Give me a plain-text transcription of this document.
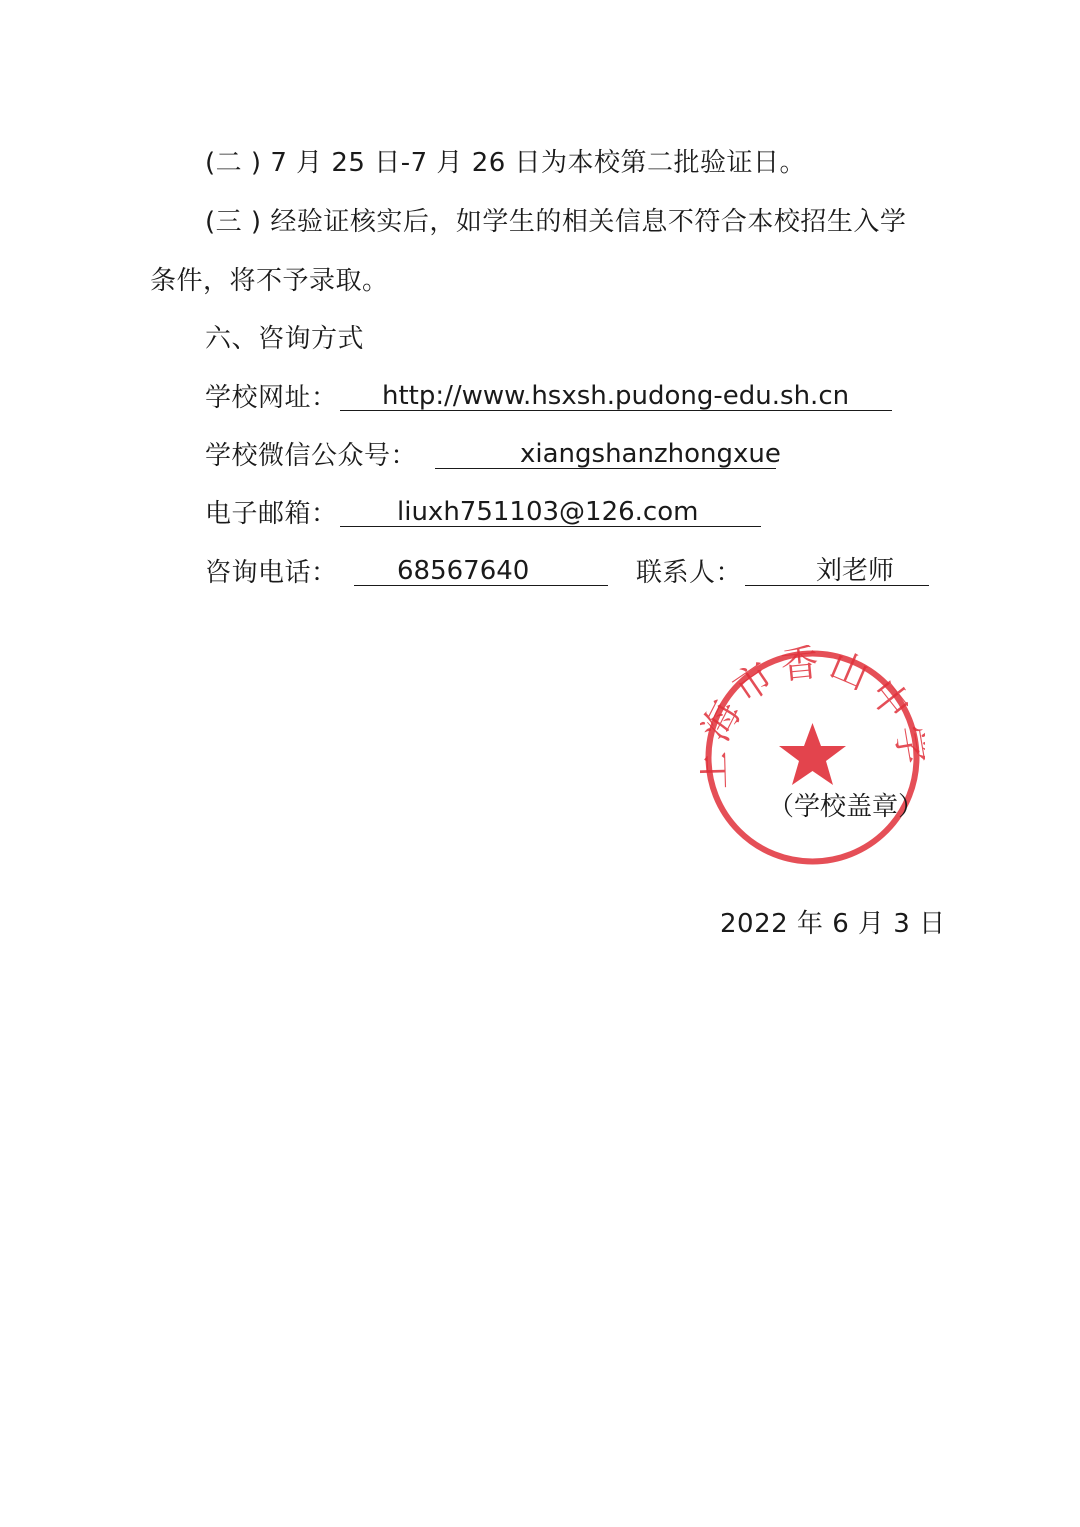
(二 ) 7 月 25 日-7 月 26 日为本校第二批验证日。
(三 ) 经验证核实后，如学生的相关信息不符合本校招生入学
条件，将不予录取。
六、咨询方式
学校网址：	http://www.hsxsh.pudong-edu.sh.cn
学校微信公众号：	xiangshanzhongxue
电子邮箱：	liuxh751103@126.com
咨询电话：	68567640	联系人：	刘老师
市香山中
（学校盖章）
2022 年 6 月 3 日
